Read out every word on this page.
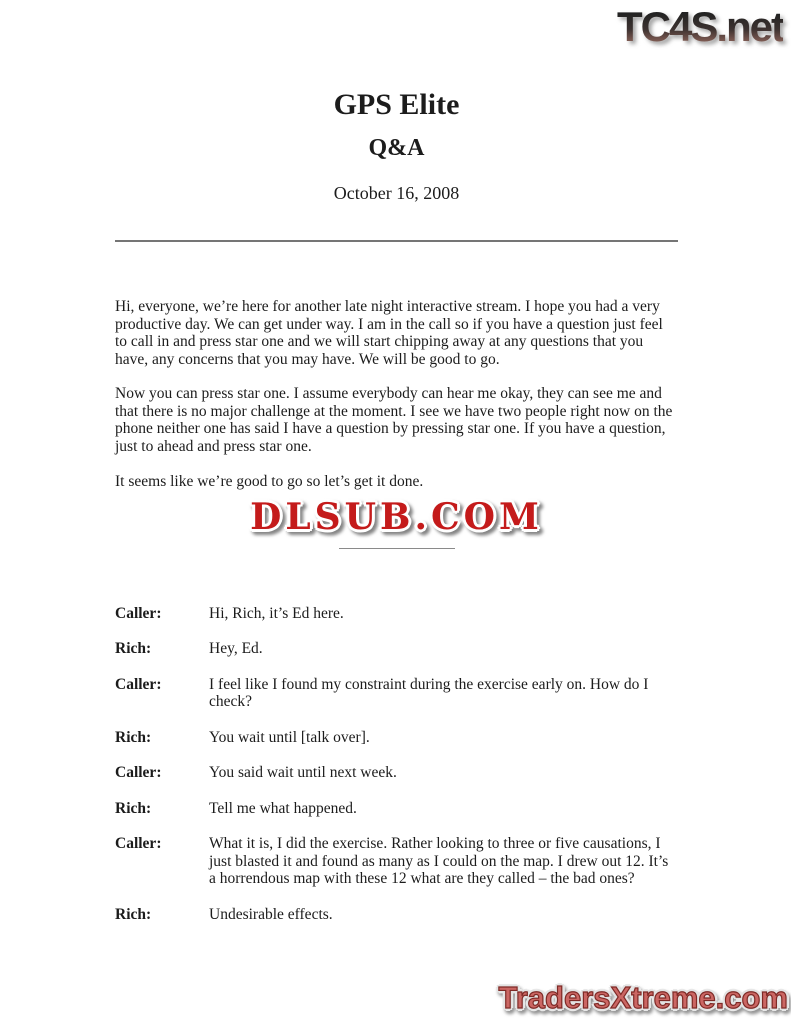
TC4S.net
GPS Elite
Q&A
October 16, 2008

Hi, everyone, we’re here for another late night interactive stream. I hope you had a very productive day. We can get under way. I am in the call so if you have a question just feel to call in and press star one and we will start chipping away at any questions that you have, any concerns that you may have. We will be good to go.

Now you can press star one. I assume everybody can hear me okay, they can see me and that there is no major challenge at the moment. I see we have two people right now on the phone neither one has said I have a question by pressing star one. If you have a question, just to ahead and press star one.

It seems like we’re good to go so let’s get it done.

DLSUB.COM
Caller:	Hi, Rich, it’s Ed here.
Rich:	Hey, Ed.
Caller:	I feel like I found my constraint during the exercise early on. How do I check?
Rich:	You wait until [talk over].
Caller:	You said wait until next week.
Rich:	Tell me what happened.
Caller:	What it is, I did the exercise. Rather looking to three or five causations, I just blasted it and found as many as I could on the map. I drew out 12. It’s a horrendous map with these 12 what are they called – the bad ones?
Rich:	Undesirable effects.
TradersXtreme.com
